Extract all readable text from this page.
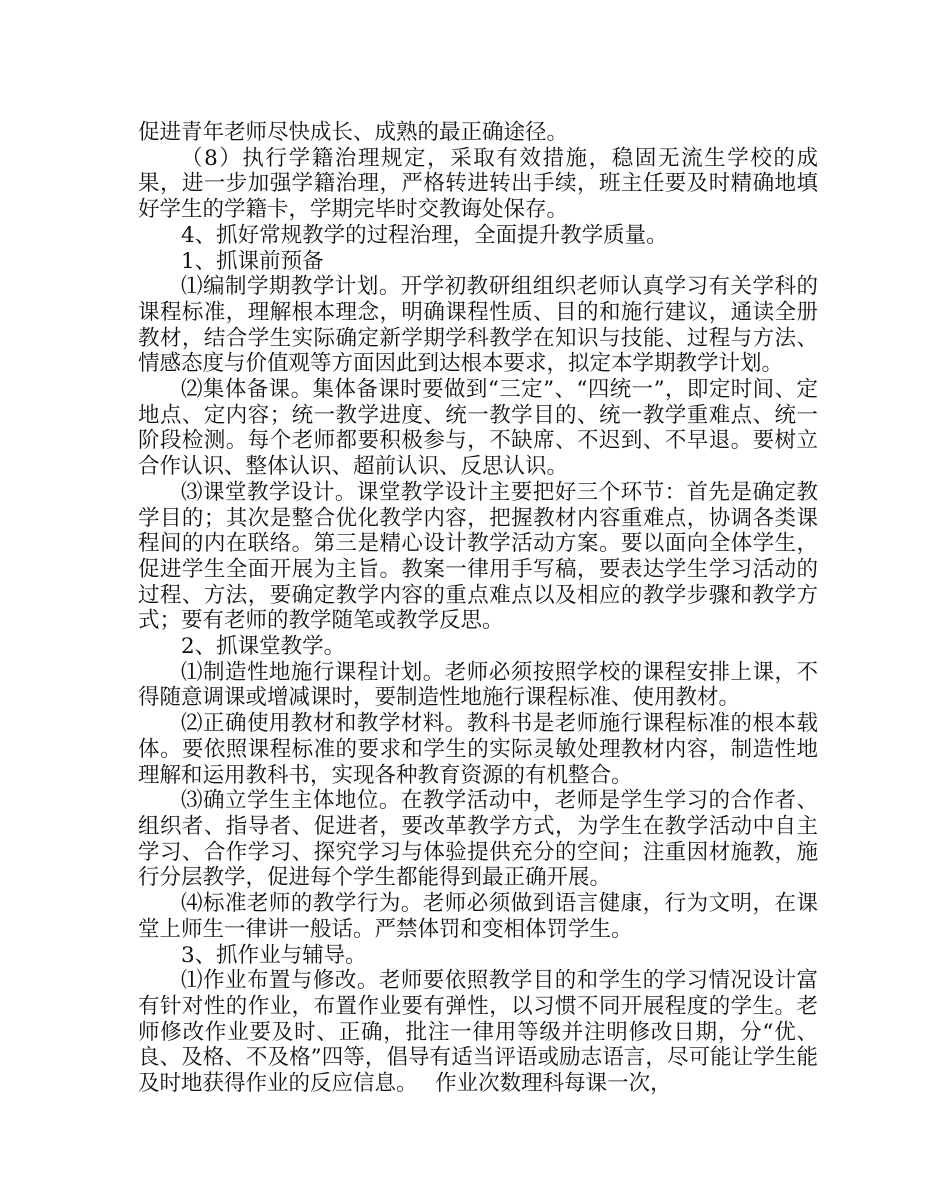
促进青年老师尽快成长、成熟的最正确途径。

（8）执行学籍治理规定，采取有效措施，稳固无流生学校的成果，进一步加强学籍治理，严格转进转出手续，班主任要及时精确地填好学生的学籍卡，学期完毕时交教诲处保存。

4、抓好常规教学的过程治理，全面提升教学质量。

1、抓课前预备

⑴编制学期教学计划。开学初教研组组织老师认真学习有关学科的课程标准，理解根本理念，明确课程性质、目的和施行建议，通读全册教材，结合学生实际确定新学期学科教学在知识与技能、过程与方法、情感态度与价值观等方面因此到达根本要求，拟定本学期教学计划。

⑵集体备课。集体备课时要做到“三定”、“四统一”，即定时间、定地点、定内容；统一教学进度、统一教学目的、统一教学重难点、统一阶段检测。每个老师都要积极参与，不缺席、不迟到、不早退。要树立合作认识、整体认识、超前认识、反思认识。

⑶课堂教学设计。课堂教学设计主要把好三个环节：首先是确定教学目的；其次是整合优化教学内容，把握教材内容重难点，协调各类课程间的内在联络。第三是精心设计教学活动方案。要以面向全体学生，促进学生全面开展为主旨。教案一律用手写稿，要表达学生学习活动的过程、方法，要确定教学内容的重点难点以及相应的教学步骤和教学方式；要有老师的教学随笔或教学反思。

2、抓课堂教学。

⑴制造性地施行课程计划。老师必须按照学校的课程安排上课，不得随意调课或增减课时，要制造性地施行课程标准、使用教材。

⑵正确使用教材和教学材料。教科书是老师施行课程标准的根本载体。要依照课程标准的要求和学生的实际灵敏处理教材内容，制造性地理解和运用教科书，实现各种教育资源的有机整合。

⑶确立学生主体地位。在教学活动中，老师是学生学习的合作者、组织者、指导者、促进者，要改革教学方式，为学生在教学活动中自主学习、合作学习、探究学习与体验提供充分的空间；注重因材施教，施行分层教学，促进每个学生都能得到最正确开展。

⑷标准老师的教学行为。老师必须做到语言健康，行为文明，在课堂上师生一律讲一般话。严禁体罚和变相体罚学生。

3、抓作业与辅导。

⑴作业布置与修改。老师要依照教学目的和学生的学习情况设计富有针对性的作业，布置作业要有弹性，以习惯不同开展程度的学生。老师修改作业要及时、正确，批注一律用等级并注明修改日期，分“优、良、及格、不及格”四等，倡导有适当评语或励志语言，尽可能让学生能及时地获得作业的反应信息。　 作业次数理科每课一次，
